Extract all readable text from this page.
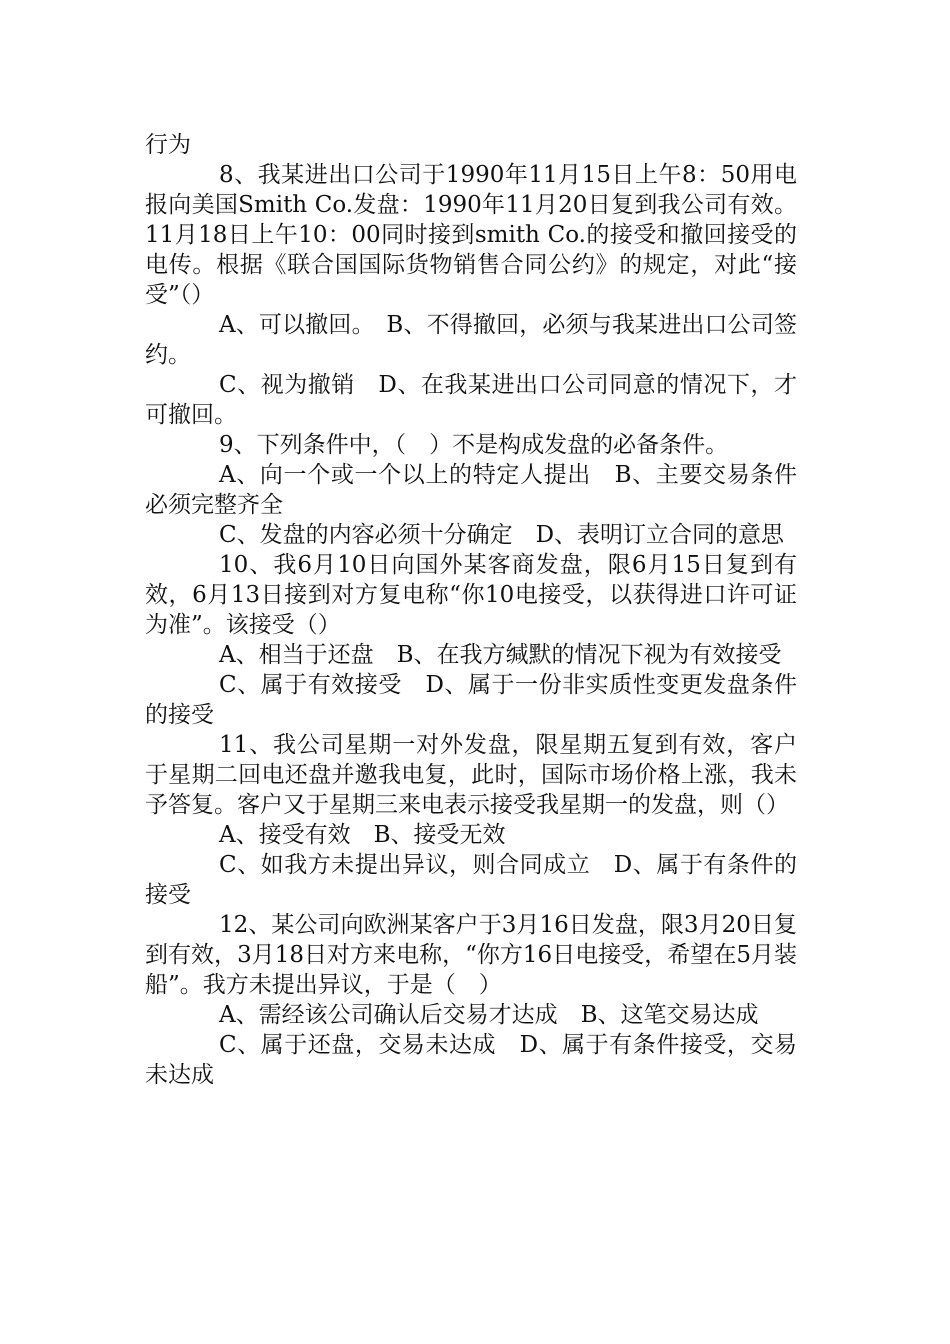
行为

8、我某进出口公司于1990年11月15日上午8：50用电报向美国Smith Co.发盘：1990年11月20日复到我公司有效。11月18日上午10：00同时接到smith Co.的接受和撤回接受的电传。根据《联合国国际货物销售合同公约》的规定，对此“接受”（）

A、可以撤回。　B、不得撤回，必须与我某进出口公司签约。

C、视为撤销　D、在我某进出口公司同意的情况下，才可撤回。

9、下列条件中，（　）不是构成发盘的必备条件。

A、向一个或一个以上的特定人提出　B、主要交易条件必须完整齐全

C、发盘的内容必须十分确定　D、表明订立合同的意思

10、我6月10日向国外某客商发盘，限6月15日复到有效，6月13日接到对方复电称“你10电接受，以获得进口许可证为准”。该接受（）

A、相当于还盘　B、在我方缄默的情况下视为有效接受

C、属于有效接受　D、属于一份非实质性变更发盘条件的接受

11、我公司星期一对外发盘，限星期五复到有效，客户于星期二回电还盘并邀我电复，此时，国际市场价格上涨，我未予答复。客户又于星期三来电表示接受我星期一的发盘，则（）

A、接受有效　B、接受无效

C、如我方未提出异议，则合同成立　D、属于有条件的接受

12、某公司向欧洲某客户于3月16日发盘，限3月20日复到有效，3月18日对方来电称，“你方16日电接受，希望在5月装船”。我方未提出异议，于是（　）

A、需经该公司确认后交易才达成　B、这笔交易达成

C、属于还盘，交易未达成　D、属于有条件接受，交易未达成
